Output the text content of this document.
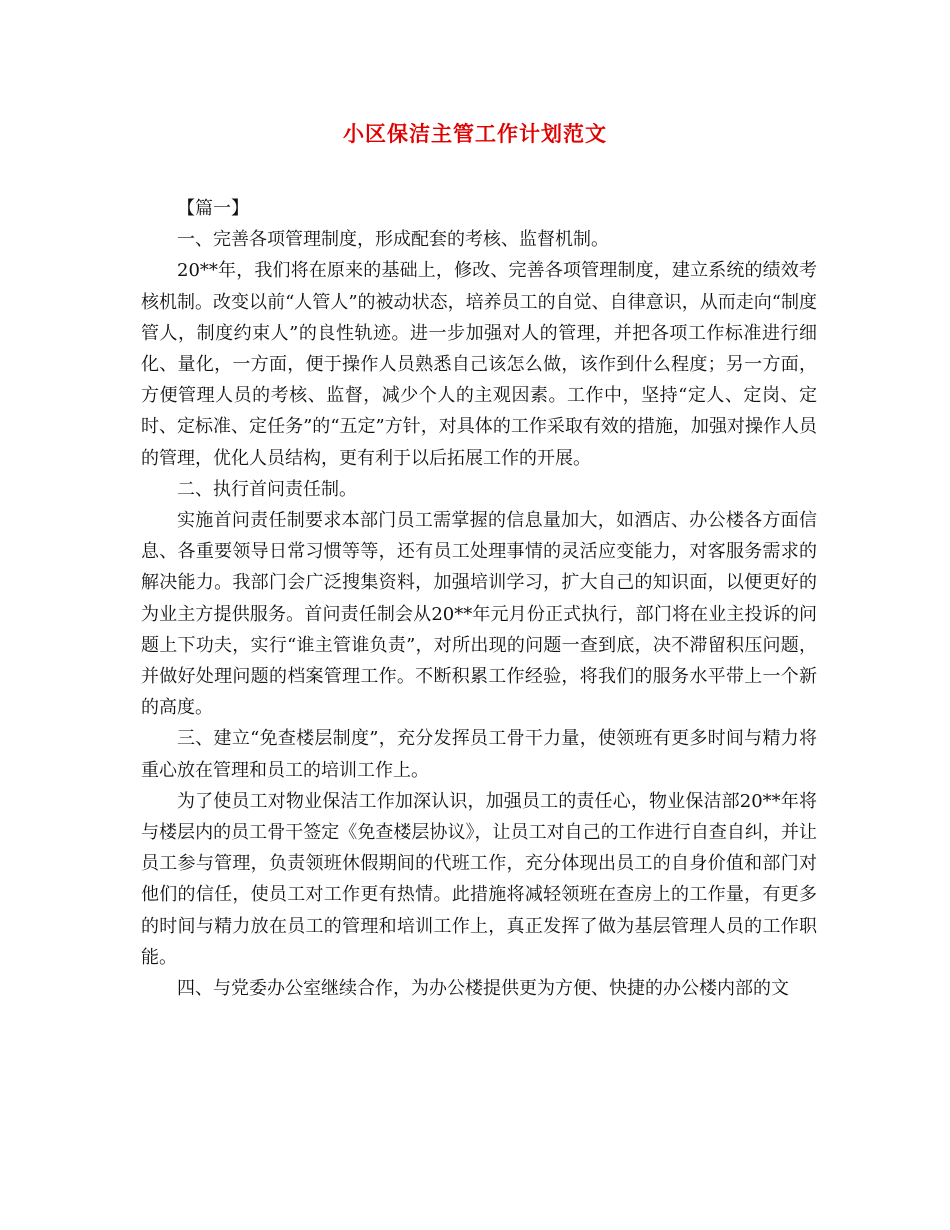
小区保洁主管工作计划范文

【篇一】

一、完善各项管理制度，形成配套的考核、监督机制。

20**年，我们将在原来的基础上，修改、完善各项管理制度，建立系统的绩效考核机制。改变以前“人管人”的被动状态，培养员工的自觉、自律意识，从而走向“制度管人，制度约束人”的良性轨迹。进一步加强对人的管理，并把各项工作标准进行细化、量化，一方面，便于操作人员熟悉自己该怎么做，该作到什么程度；另一方面，方便管理人员的考核、监督，减少个人的主观因素。工作中，坚持“定人、定岗、定时、定标准、定任务”的“五定”方针，对具体的工作采取有效的措施，加强对操作人员的管理，优化人员结构，更有利于以后拓展工作的开展。

二、执行首问责任制。

实施首问责任制要求本部门员工需掌握的信息量加大，如酒店、办公楼各方面信息、各重要领导日常习惯等等，还有员工处理事情的灵活应变能力，对客服务需求的解决能力。我部门会广泛搜集资料，加强培训学习，扩大自己的知识面，以便更好的为业主方提供服务。首问责任制会从20**年元月份正式执行，部门将在业主投诉的问题上下功夫，实行“谁主管谁负责”，对所出现的问题一查到底，决不滞留积压问题，并做好处理问题的档案管理工作。不断积累工作经验，将我们的服务水平带上一个新的高度。

三、建立“免查楼层制度”，充分发挥员工骨干力量，使领班有更多时间与精力将重心放在管理和员工的培训工作上。

为了使员工对物业保洁工作加深认识，加强员工的责任心，物业保洁部20**年将与楼层内的员工骨干签定《免查楼层协议》，让员工对自己的工作进行自查自纠，并让员工参与管理，负责领班休假期间的代班工作，充分体现出员工的自身价值和部门对他们的信任，使员工对工作更有热情。此措施将减轻领班在查房上的工作量，有更多的时间与精力放在员工的管理和培训工作上，真正发挥了做为基层管理人员的工作职能。

四、与党委办公室继续合作，为办公楼提供更为方便、快捷的办公楼内部的文
